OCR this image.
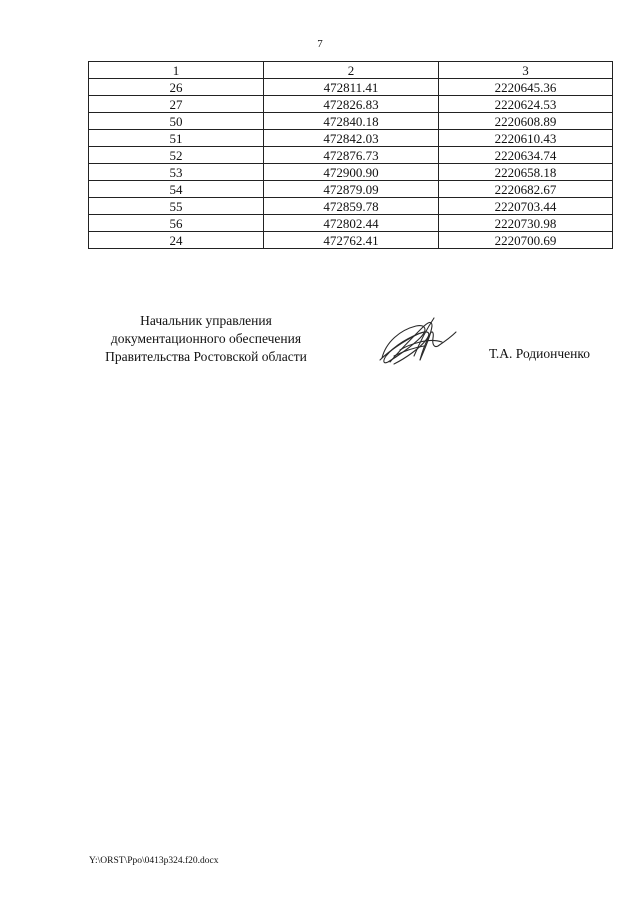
7
1	2	3
26	472811.41	2220645.36
27	472826.83	2220624.53
50	472840.18	2220608.89
51	472842.03	2220610.43
52	472876.73	2220634.74
53	472900.90	2220658.18
54	472879.09	2220682.67
55	472859.78	2220703.44
56	472802.44	2220730.98
24	472762.41	2220700.69
Начальник управления
документационного обеспечения
Правительства Ростовской области	Т.А. Родионченко
Y:\ORST\Ppo\0413p324.f20.docx
